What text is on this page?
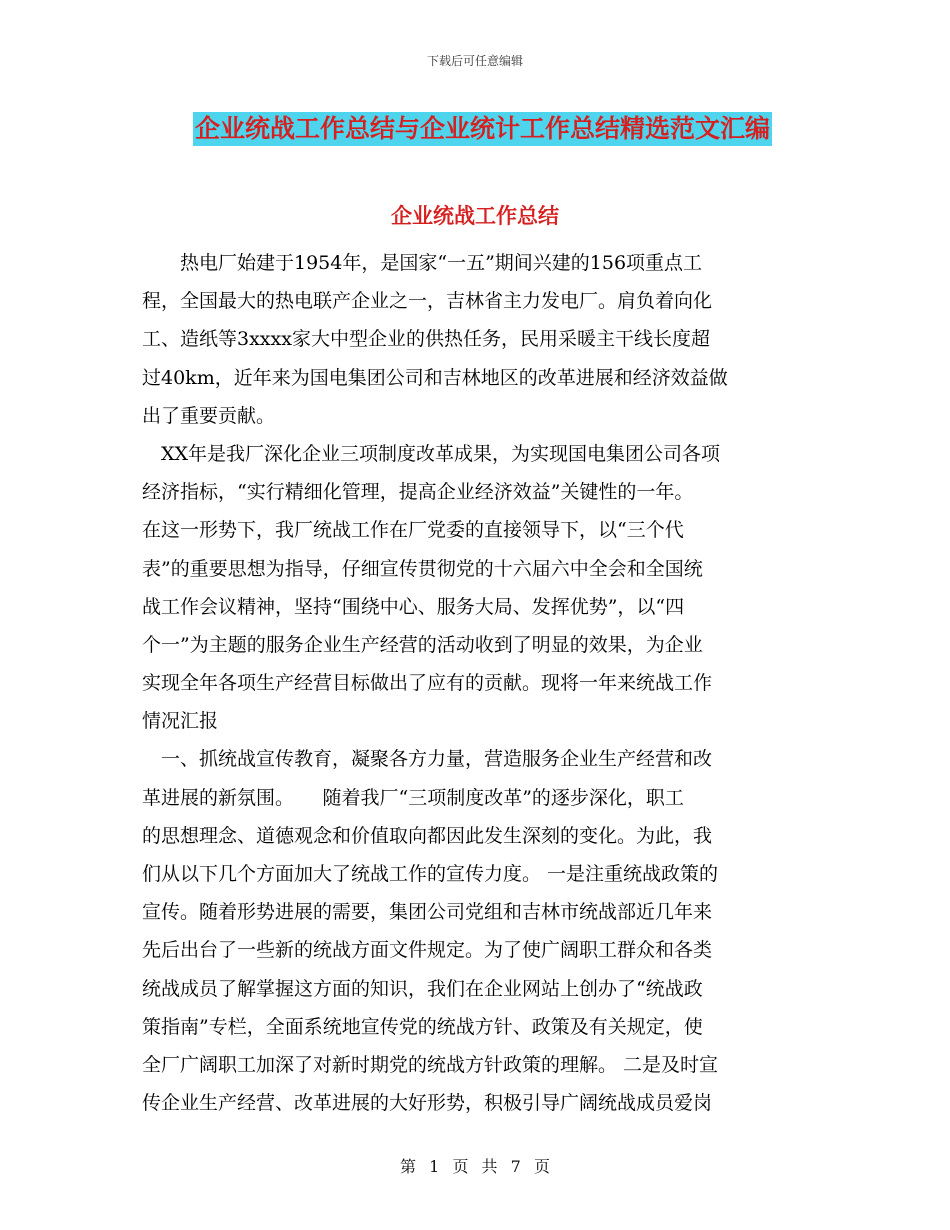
下载后可任意编辑
企业统战工作总结与企业统计工作总结精选范文汇编
企业统战工作总结
　　热电厂始建于1954年，是国家“一五”期间兴建的156项重点工
程，全国最大的热电联产企业之一，吉林省主力发电厂。肩负着向化
工、造纸等3xxxx家大中型企业的供热任务，民用采暖主干线长度超
过40km，近年来为国电集团公司和吉林地区的改革进展和经济效益做
出了重要贡献。
　XX年是我厂深化企业三项制度改革成果，为实现国电集团公司各项
经济指标，“实行精细化管理，提高企业经济效益”关键性的一年。
在这一形势下，我厂统战工作在厂党委的直接领导下，以“三个代
表”的重要思想为指导，仔细宣传贯彻党的十六届六中全会和全国统
战工作会议精神，坚持“围绕中心、服务大局、发挥优势”，以“四
个一”为主题的服务企业生产经营的活动收到了明显的效果，为企业
实现全年各项生产经营目标做出了应有的贡献。现将一年来统战工作
情况汇报
　一、抓统战宣传教育，凝聚各方力量，营造服务企业生产经营和改
革进展的新氛围。　　随着我厂“三项制度改革”的逐步深化，职工
的思想理念、道德观念和价值取向都因此发生深刻的变化。为此，我
们从以下几个方面加大了统战工作的宣传力度。 一是注重统战政策的
宣传。随着形势进展的需要，集团公司党组和吉林市统战部近几年来
先后出台了一些新的统战方面文件规定。为了使广阔职工群众和各类
统战成员了解掌握这方面的知识，我们在企业网站上创办了“统战政
策指南”专栏，全面系统地宣传党的统战方针、政策及有关规定，使
全厂广阔职工加深了对新时期党的统战方针政策的理解。 二是及时宣
传企业生产经营、改革进展的大好形势，积极引导广阔统战成员爱岗
第 1 页 共 7 页
